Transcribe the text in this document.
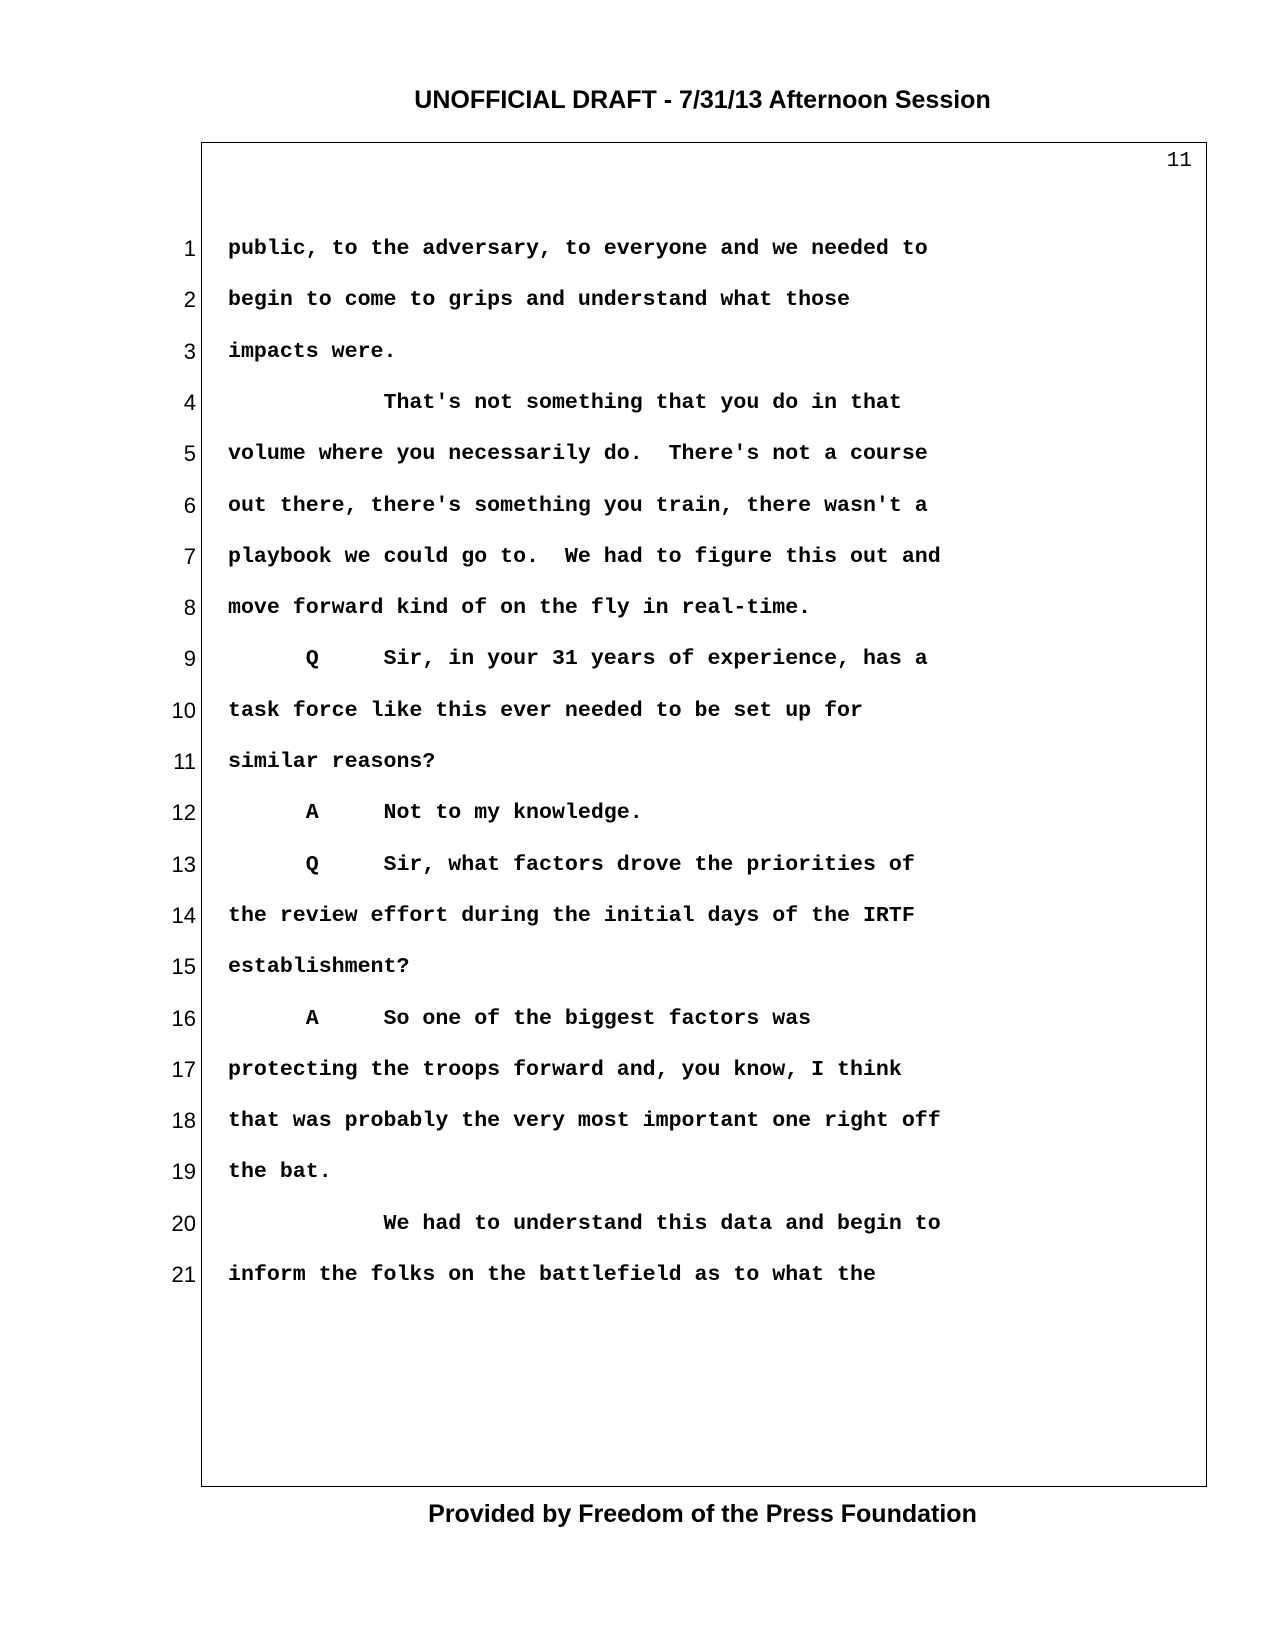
UNOFFICIAL DRAFT - 7/31/13 Afternoon Session
11
1 public, to the adversary, to everyone and we needed to
2 begin to come to grips and understand what those
3 impacts were.
4 That's not something that you do in that
5 volume where you necessarily do.  There's not a course
6 out there, there's something you train, there wasn't a
7 playbook we could go to.  We had to figure this out and
8 move forward kind of on the fly in real-time.
9 Q     Sir, in your 31 years of experience, has a
10 task force like this ever needed to be set up for
11 similar reasons?
12 A     Not to my knowledge.
13 Q     Sir, what factors drove the priorities of
14 the review effort during the initial days of the IRTF
15 establishment?
16 A     So one of the biggest factors was
17 protecting the troops forward and, you know, I think
18 that was probably the very most important one right off
19 the bat.
20 We had to understand this data and begin to
21 inform the folks on the battlefield as to what the
Provided by Freedom of the Press Foundation
